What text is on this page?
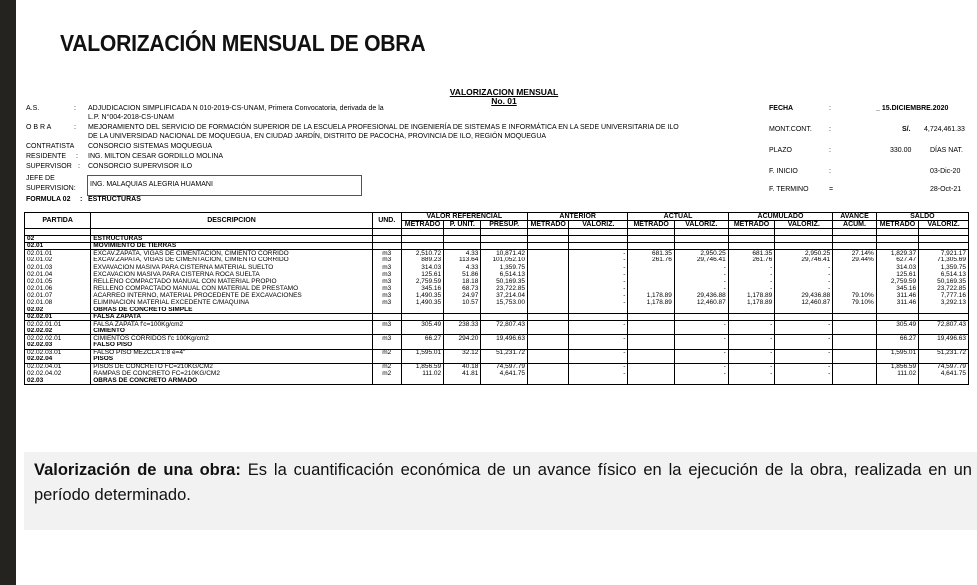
VALORIZACIÓN MENSUAL DE OBRA
VALORIZACION MENSUAL
No. 01
A.S.	: ADJUDICACION SIMPLIFICADA N 010-2019-CS-UNAM, Primera Convocatoria, derivada de la
L.P. N°004-2018-CS-UNAM
O B R A	: MEJORAMIENTO DEL SERVICIO DE FORMACIÓN SUPERIOR DE LA ESCUELA PROFESIONAL DE INGENIERÍA DE SISTEMAS E INFORMÁTICA EN LA SEDE UNIVERSITARIA DE ILO
DE LA UNIVERSIDAD NACIONAL DE MOQUEGUA, EN CIUDAD JARDÍN, DISTRITO DE PACOCHA, PROVINCIA DE ILO, REGIÓN MOQUEGUA
CONTRATISTA CONSORCIO SISTEMAS MOQUEGUA
RESIDENTE : ING. MILTON CESAR GORDILLO MOLINA
SUPERVISOR : CONSORCIO SUPERVISOR ILO
JEFE DE
SUPERVISION:
ING. MALAQUIAS ALEGRIA HUAMANI
FORMULA 02 : ESTRUCTURAS
FECHA	:	_ 15.DICIEMBRE.2020
MONT.CONT. :	S/. 4,724,461.33
PLAZO	:	330.00	DÍAS NAT.
F. INICIO	:	03-Dic-20
F. TERMINO	=	28-Oct-21
PARTIDA	DESCRIPCION	UND.	VALOR REFERENCIAL			ANTERIOR		ACTUAL		ACUMULADO		AVANCE	SALDO	
			METRADO	P. UNIT.	PRESUP.	METRADO	VALORIZ.	METRADO	VALORIZ.	METRADO	VALORIZ.	ACUM.	METRADO	VALORIZ.

02	ESTRUCTURAS													
02.01	MOVIMIENTO DE TIERRAS													
02.01.01	EXCAV.ZAPATA, VIGAS DE CIMENTACION, CIMIENTO CORRIDO	m3	2,510.72	4.33	10,871.42		-	681.35	2,950.25	681.35	2,950.25	27.14%	1,829.37	7,921.17
02.01.02	EXCAV.ZAPATA, VIGAS DE CIMENTACION, CIMIENTO CORRIDO	m3	889.23	113.64	101,052.10		-	261.76	29,746.41	261.76	29,746.41	29.44%	627.47	71,305.69
02.01.03	EXVAVACION MASIVA PARA CISTERNA MATERIAL SUELTO	m3	314.03	4.33	1,359.75		-		-	-	-		314.03	1,359.75
02.01.04	EXCAVACION MASIVA PARA CISTERNA ROCA SUELTA	m3	125.61	51.86	6,514.13		-		-	-	-		125.61	6,514.13
02.01.05	RELLENO COMPACTADO MANUAL CON MATERIAL PROPIO	m3	2,759.59	18.18	50,169.35		-		-	-	-		2,759.59	50,169.35
02.01.06	RELLENO COMPACTADO MANUAL CON MATERIAL DE PRESTAMO	m3	345.16	68.73	23,722.85		-		-	-	-		345.16	23,722.85
02.01.07	ACARREO INTERNO, MATERIAL PROCEDENTE DE EXCAVACIONES	m3	1,490.35	24.97	37,214.04		-	1,178.89	29,436.88	1,178.89	29,436.88	79.10%	311.46	7,777.16
02.01.08	ELIMINACION MATERIAL EXCEDENTE C/MAQUINA	m3	1,490.35	10.57	15,753.00		-	1,178.89	12,460.87	1,178.89	12,460.87	79.10%	311.46	3,292.13
02.02	OBRAS DE CONCRETO SIMPLE													
02.02.01	FALSA ZAPATA													
02.02.01.01	FALSA ZAPATA f'c=100Kg/cm2	m3	305.49	238.33	72,807.43		-		-	-	-		305.49	72,807.43
02.02.02	CIMIENTO													
02.02.02.01	CIMIENTOS CORRIDOS f'c 100Kg/cm2	m3	66.27	294.20	19,496.63		-		-	-	-		66.27	19,496.63
02.02.03	FALSO PISO													
02.02.03.01	FALSO PISO MEZCLA 1:8 e=4"	m2	1,595.01	32.12	51,231.72		-		-	-	-		1,595.01	51,231.72
02.02.04	PISOS													
02.02.04.01	PISOS DE CONCRETO FC=210KG/CM2	m2	1,856.59	40.18	74,597.79		-		-	-	-		1,856.59	74,597.79
02.02.04.02	RAMPAS DE CONCRETO FC=210KG/CM2	m2	111.02	41.81	4,641.75		-		-	-	-		111.02	4,641.75
02.03	OBRAS DE CONCRETO ARMADO													

Valorización de una obra: Es la cuantificación económica de un avance físico en la ejecución de la obra, realizada en un período determinado.
